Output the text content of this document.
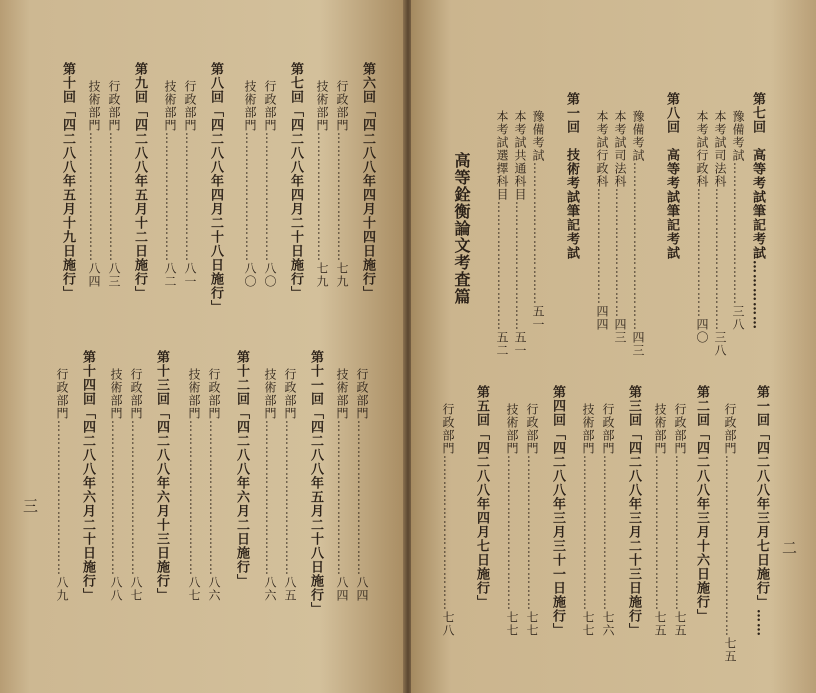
三
第六回「四二八八年四月十四日施行」
行政部門…………………………七九
技術部門…………………………七九
第七回「四二八八年四月二十日施行」
行政部門…………………………八〇
技術部門…………………………八〇
第八回「四二八八年四月二十八日施行」
行政部門…………………………八一
技術部門…………………………八二
第九回「四二八八年五月十二日施行」
行政部門…………………………八三
技術部門…………………………八四
第十回「四二八八年五月十九日施行」
行政部門………………………………八四
技術部門………………………………八四
第十一回「四二八八年五月二十八日施行」
行政部門………………………………八五
技術部門………………………………八六
第十二回「四二八八年六月二日施行」
行政部門………………………………八六
技術部門………………………………八七
第十三回「四二八八年六月十三日施行」
行政部門………………………………八七
技術部門………………………………八八
第十四回「四二八八年六月二十日施行」
行政部門………………………………八九
二
第七回　高等考試筆記考試……………
豫備考試……………………………三八
本考試司法科……………………………三八
本考試行政科…………………………四〇
第八回　高等考試筆記考試
豫備考試…………………………………四三
本考試司法科…………………………四三
本考試行政科………………………四四
第一回　技術考試筆記考試
豫備考試……………………………五一
本考試共通科目…………………………五一
本考試選擇科目…………………………五二
高等銓衡論文考査篇
第一回「四二八八年三月七日施行」……
行政部門……………………………………七五
第二回「四二八八年三月十六日施行」
行政部門………………………………七五
技術部門………………………………七五
第三回「四二八八年三月二十三日施行」
行政部門………………………………七六
技術部門………………………………七七
第四回「四二八八年三月三十一日施行」
行政部門………………………………七七
技術部門………………………………七七
第五回「四二八八年四月七日施行」
行政部門………………………………七八
